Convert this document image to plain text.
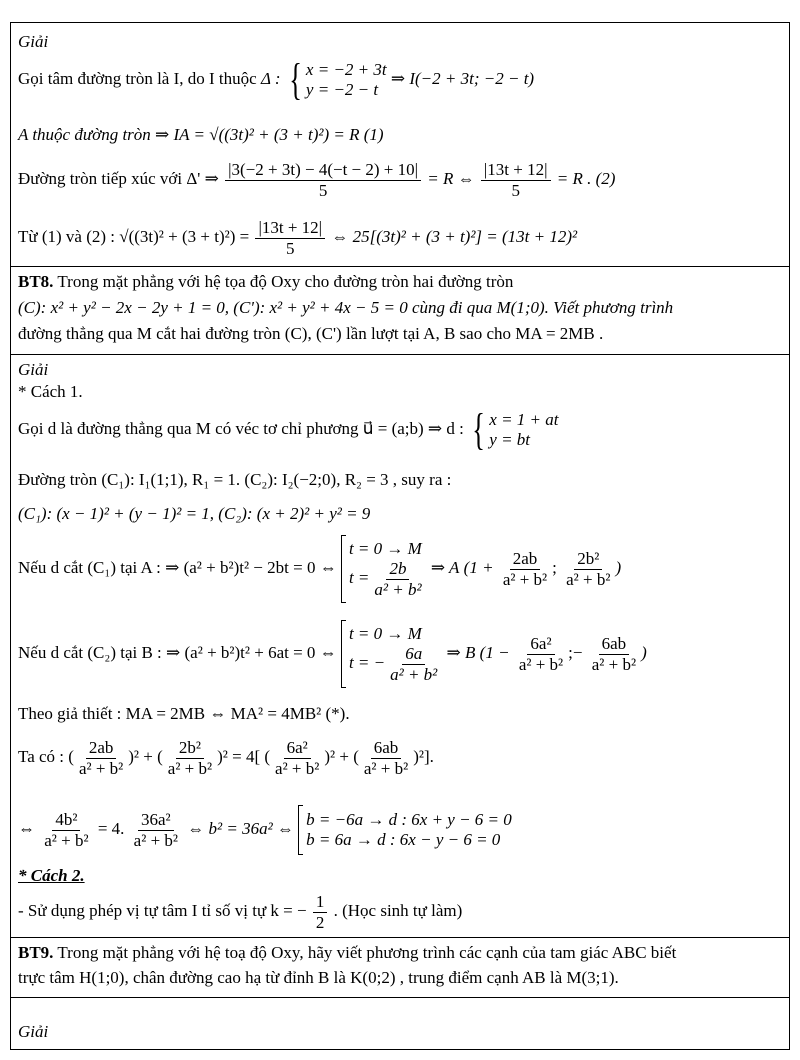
Giải
Gọi tâm đường tròn là I, do I thuộc Δ : { x = −2 + 3t
y = −2 − t
⇒ I(−2 + 3t; −2 − t)
A thuộc đường tròn ⇒ IA = √((3t)² + (3 + t)²) = R (1)
Đường tròn tiếp xúc với Δ' ⇒ $\frac{|3(-2 + 3t) - 4(-t - 2) + 10|}{5} = R$ ⇔ $\frac{|13t + 12|}{5} = R$ . (2)
Từ (1) và (2) : $√((3t)^2 + (3 + t)^2) = \frac{|13t + 12|}{5}$ ⇔ 25[(3t)² + (3 + t)²] = (13t + 12)²
BT8. Trong mặt phẳng với hệ tọa độ Oxy cho đường tròn hai đường tròn
(C): x² + y² − 2x − 2y + 1 = 0, (C'): x² + y² + 4x − 5 = 0 cùng đi qua M(1;0). Viết phương trình
đường thẳng qua M cắt hai đường tròn (C), (C') lần lượt tại A, B sao cho MA = 2MB .
Giải
* Cách 1.
Gọi d là đường thẳng qua M có véc tơ chỉ phương u⃗ = (a;b) ⇒ d : { x = 1 + at
y = bt
Đường tròn (C₁): I₁(1;1), R₁ = 1. (C₂): I₂(−2;0), R₂ = 3 , suy ra :
(C₁): (x − 1)² + (y − 1)² = 1, (C₂): (x + 2)² + y² = 9
Nếu d cắt (C₁) tại A : ⇒ (a² + b²)t² − 2bt = 0 ⇔
t = 0 → M
$t = \frac{2b}{\text{a² + b²}}$ ⇒ A ($1 + \frac{2ab}{\text{a² + b²}}$ ; $\frac{\text{2b²}}{\text{a² + b²}}$ )
Nếu d cắt (C₂) tại B : ⇒ (a² + b²)t² + 6at = 0 ⇔
t = 0 → M
t = − $\frac{6a}{\text{a² + b²}}$ ⇒ B ($1 - \frac{\text{6a²}}{\text{a² + b²}}$ ;− $\frac{6ab}{\text{a² + b²}}$ )
Theo giả thiết : MA = 2MB ⇔ MA² = 4MB² (*).
Ta có : ( $\frac{2ab}{\text{a² + b²}} )^2$ + ( $\frac{\text{2b²}}{\text{a² + b²}} )^2 = 4$[ ( $\frac{\text{6a²}}{\text{a² + b²}} )^2$ + ( $\frac{6ab}{\text{a² + b²}} )^2$].
⇔ $\frac{\text{4b²}}{\text{a² + b²}} = 4$. $\frac{\text{36a²}}{\text{a² + b²}}$ ⇔ b² = 36a² ⇔ b = −6a → d : 6x + y − 6 = 0
b = 6a → d : 6x − y − 6 = 0
* Cách 2.
- Sử dụng phép vị tự tâm I tỉ số vị tự k = − $\frac{1}{2}$ . (Học sinh tự làm)
BT9. Trong mặt phẳng với hệ toạ độ Oxy, hãy viết phương trình các cạnh của tam giác ABC biết
trực tâm H(1;0), chân đường cao hạ từ đỉnh B là K(0;2) , trung điểm cạnh AB là M(3;1).
Giải
